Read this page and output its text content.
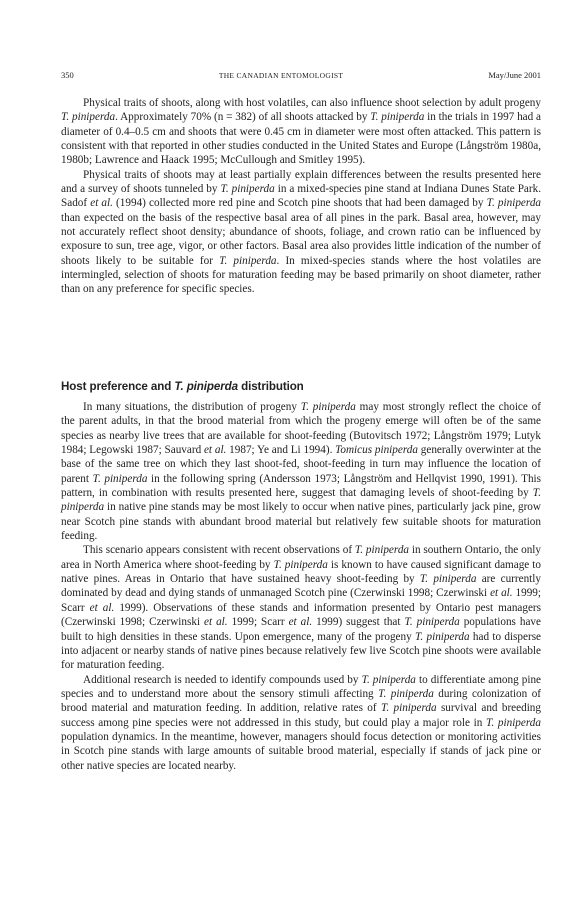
350	THE CANADIAN ENTOMOLOGIST	May/June 2001

Physical traits of shoots, along with host volatiles, can also influence shoot selection by adult progeny T. piniperda. Approximately 70% (n = 382) of all shoots attacked by T. piniperda in the trials in 1997 had a diameter of 0.4–0.5 cm and shoots that were 0.45 cm in diameter were most often attacked. This pattern is consistent with that reported in other studies conducted in the United States and Europe (Långström 1980a, 1980b; Lawrence and Haack 1995; McCullough and Smitley 1995).

Physical traits of shoots may at least partially explain differences between the results presented here and a survey of shoots tunneled by T. piniperda in a mixed-species pine stand at Indiana Dunes State Park. Sadof et al. (1994) collected more red pine and Scotch pine shoots that had been damaged by T. piniperda than expected on the basis of the respective basal area of all pines in the park. Basal area, however, may not accurately reflect shoot density; abundance of shoots, foliage, and crown ratio can be influenced by exposure to sun, tree age, vigor, or other factors. Basal area also provides little indication of the number of shoots likely to be suitable for T. piniperda. In mixed-species stands where the host volatiles are intermingled, selection of shoots for maturation feeding may be based primarily on shoot diameter, rather than on any preference for specific species.

Host preference and T. piniperda distribution

In many situations, the distribution of progeny T. piniperda may most strongly reflect the choice of the parent adults, in that the brood material from which the progeny emerge will often be of the same species as nearby live trees that are available for shoot-feeding (Butovitsch 1972; Långström 1979; Lutyk 1984; Legowski 1987; Sauvard et al. 1987; Ye and Li 1994). Tomicus piniperda generally overwinter at the base of the same tree on which they last shoot-fed, shoot-feeding in turn may influence the location of parent T. piniperda in the following spring (Andersson 1973; Långström and Hellqvist 1990, 1991). This pattern, in combination with results presented here, suggest that damaging levels of shoot-feeding by T. piniperda in native pine stands may be most likely to occur when native pines, particularly jack pine, grow near Scotch pine stands with abundant brood material but relatively few suitable shoots for maturation feeding.

This scenario appears consistent with recent observations of T. piniperda in southern Ontario, the only area in North America where shoot-feeding by T. piniperda is known to have caused significant damage to native pines. Areas in Ontario that have sustained heavy shoot-feeding by T. piniperda are currently dominated by dead and dying stands of unmanaged Scotch pine (Czerwinski 1998; Czerwinski et al. 1999; Scarr et al. 1999). Observations of these stands and information presented by Ontario pest managers (Czerwinski 1998; Czerwinski et al. 1999; Scarr et al. 1999) suggest that T. piniperda populations have built to high densities in these stands. Upon emergence, many of the progeny T. piniperda had to disperse into adjacent or nearby stands of native pines because relatively few live Scotch pine shoots were available for maturation feeding.

Additional research is needed to identify compounds used by T. piniperda to differentiate among pine species and to understand more about the sensory stimuli affecting T. piniperda during colonization of brood material and maturation feeding. In addition, relative rates of T. piniperda survival and breeding success among pine species were not addressed in this study, but could play a major role in T. piniperda population dynamics. In the meantime, however, managers should focus detection or monitoring activities in Scotch pine stands with large amounts of suitable brood material, especially if stands of jack pine or other native species are located nearby.
